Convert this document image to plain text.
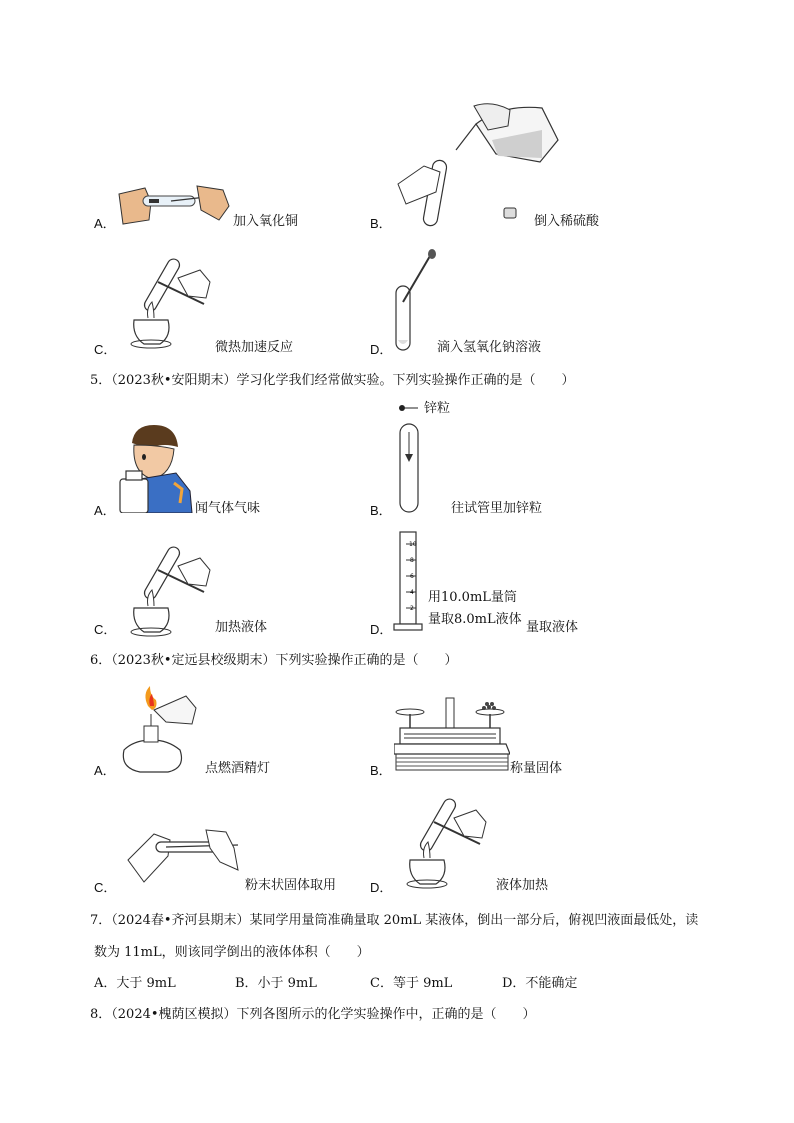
A．	加入氧化铜	B．	倒入稀硫酸
C．	微热加速反应	D．	滴入氢氧化钠溶液
5．（2023秋•安阳期末）学习化学我们经常做实验。下列实验操作正确的是（　　）
A．	闻气体气味
锌粒
B．	往试管里加锌粒
C．	加热液体
10
8
6
4
2
用10.0mL量筒
量取8.0mL液体
D．	量取液体
6．（2023秋•定远县校级期末）下列实验操作正确的是（　　）
A．	点燃酒精灯	B．	称量固体
C．	粉末状固体取用	D．	液体加热
7．（2024春•齐河县期末）某同学用量筒准确量取 20mL 某液体，倒出一部分后，俯视凹液面最低处，读
数为 11mL，则该同学倒出的液体体积（　　）
A．大于 9mL	B．小于 9mL	C．等于 9mL	D．不能确定
8．（2024•槐荫区模拟）下列各图所示的化学实验操作中，正确的是（　　）
